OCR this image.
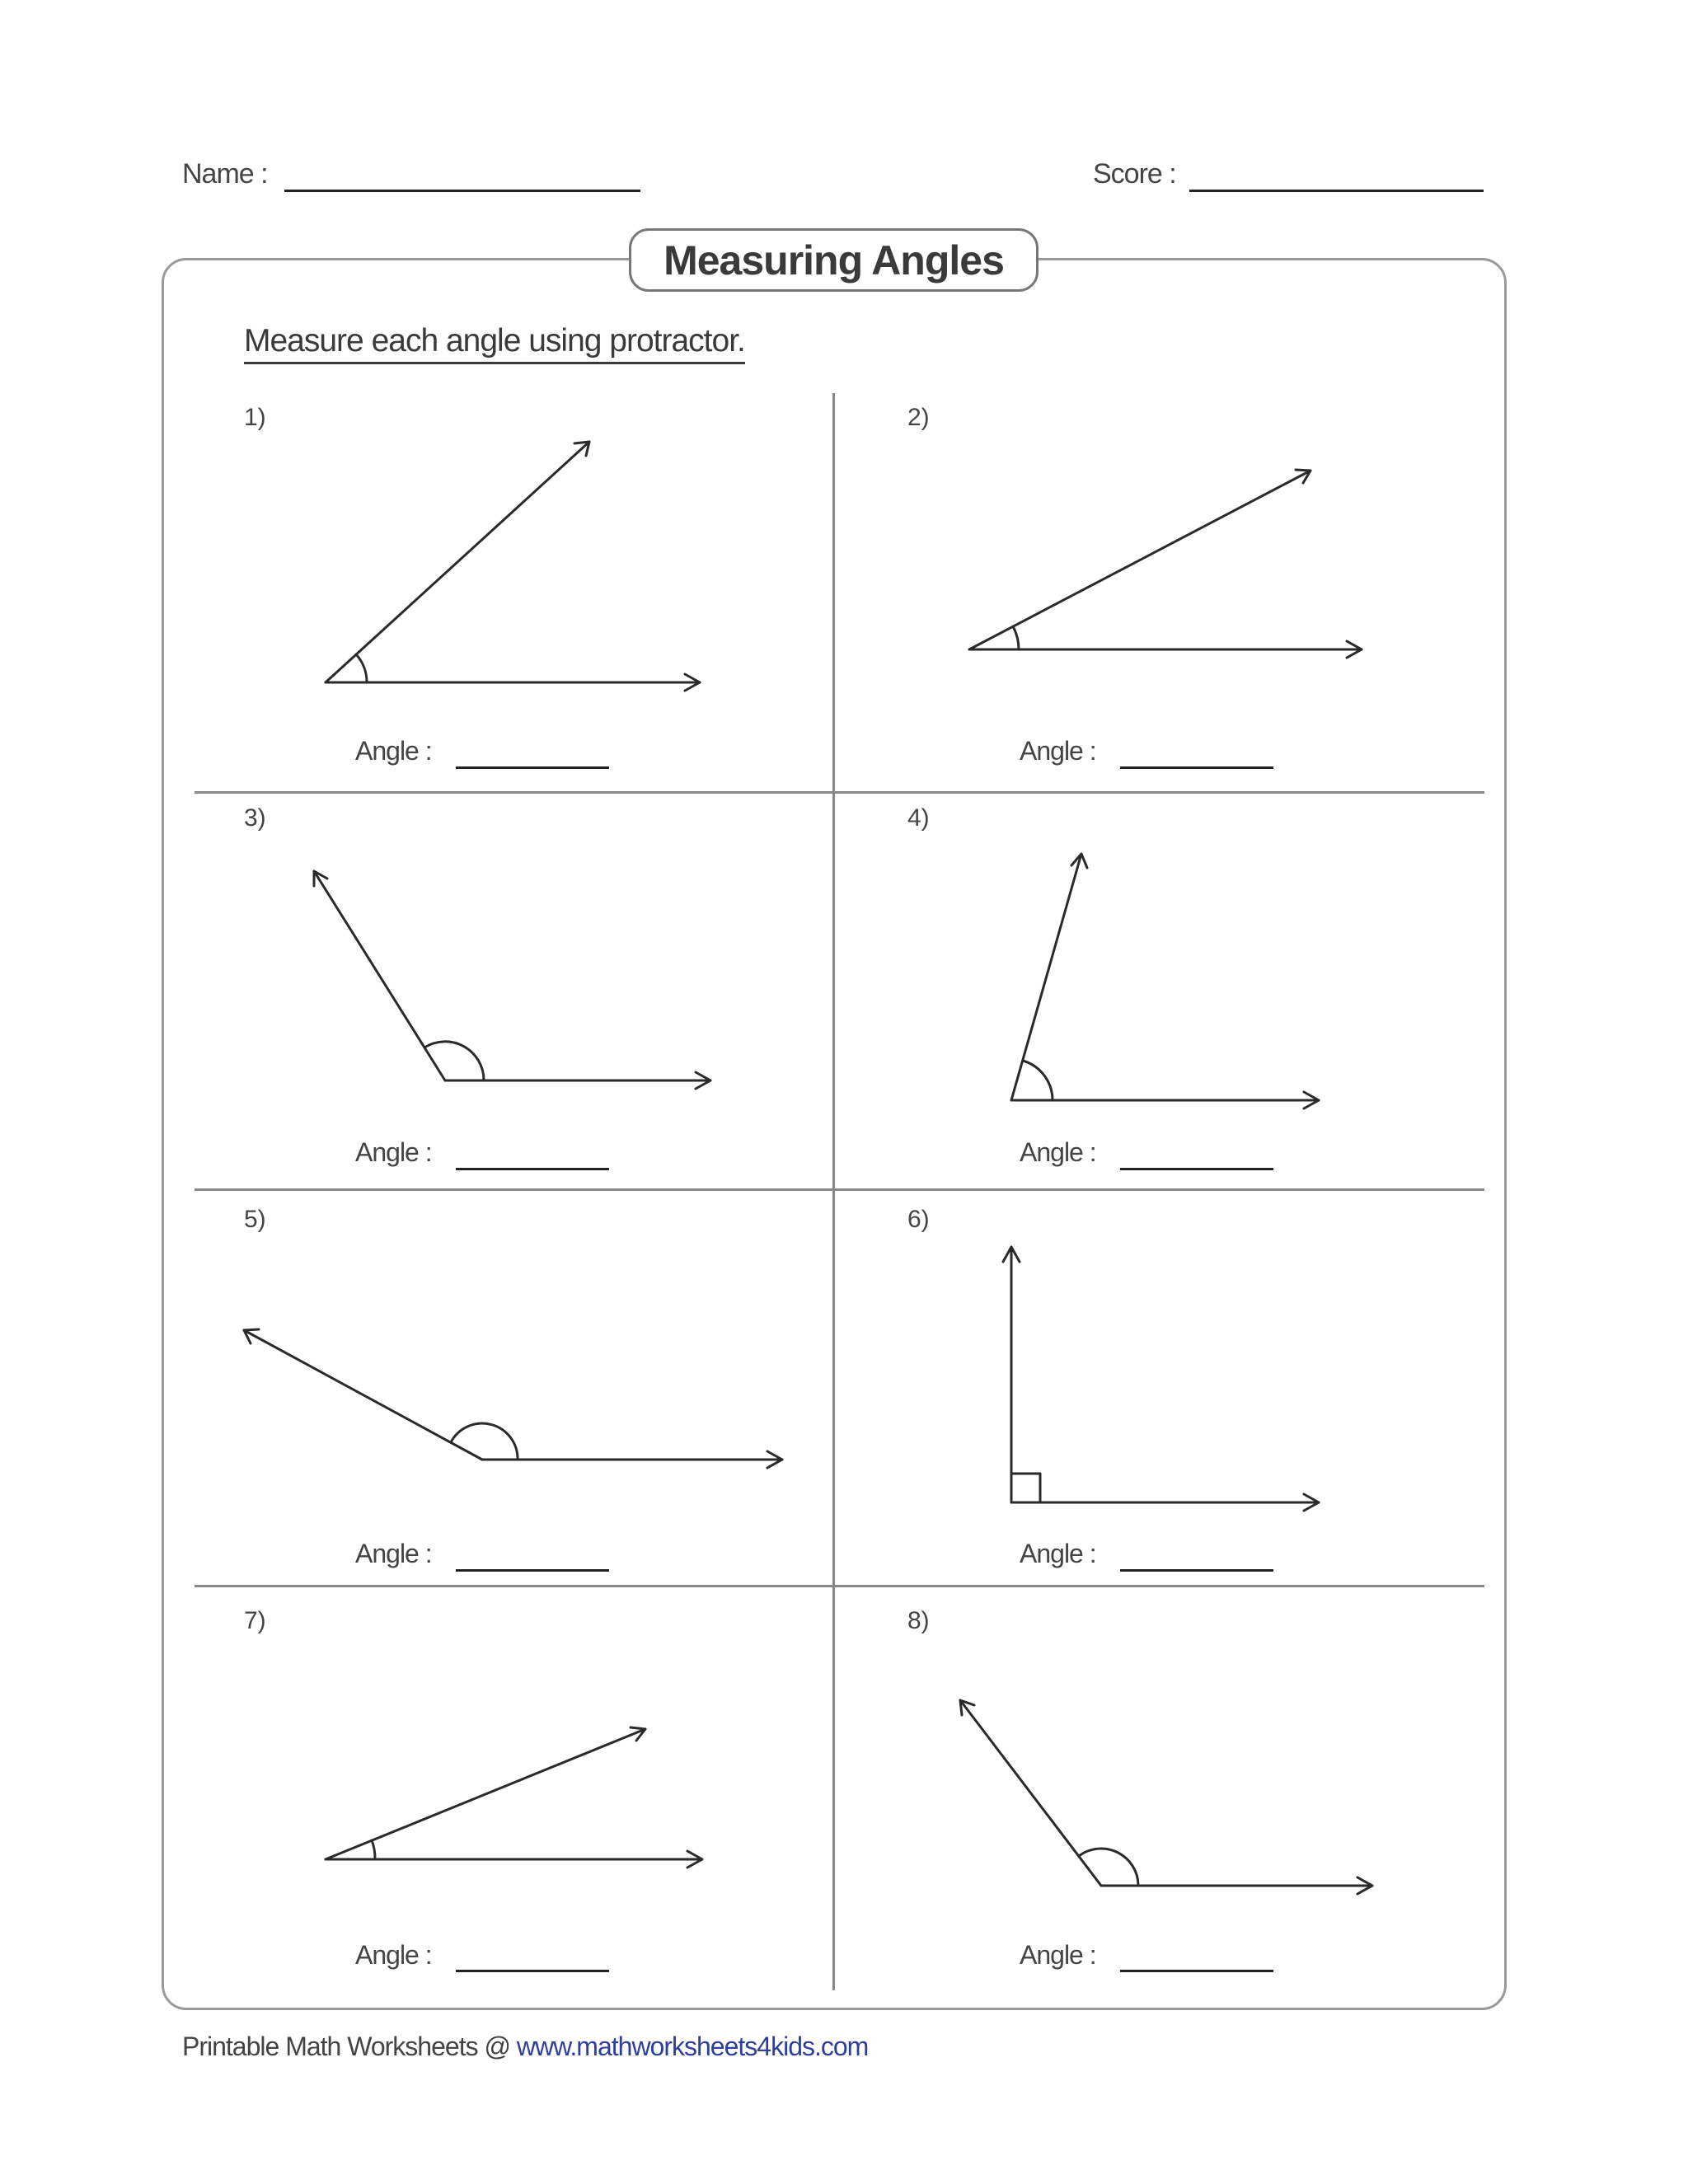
Name :	Score :
Measuring Angles
Measure each angle using protractor.
1)	2)
3)	4)
5)	6)
7)	8)
Angle :	Angle :
Angle :	Angle :
Angle :	Angle :
Angle :	Angle :
Printable Math Worksheets @ www.mathworksheets4kids.com
